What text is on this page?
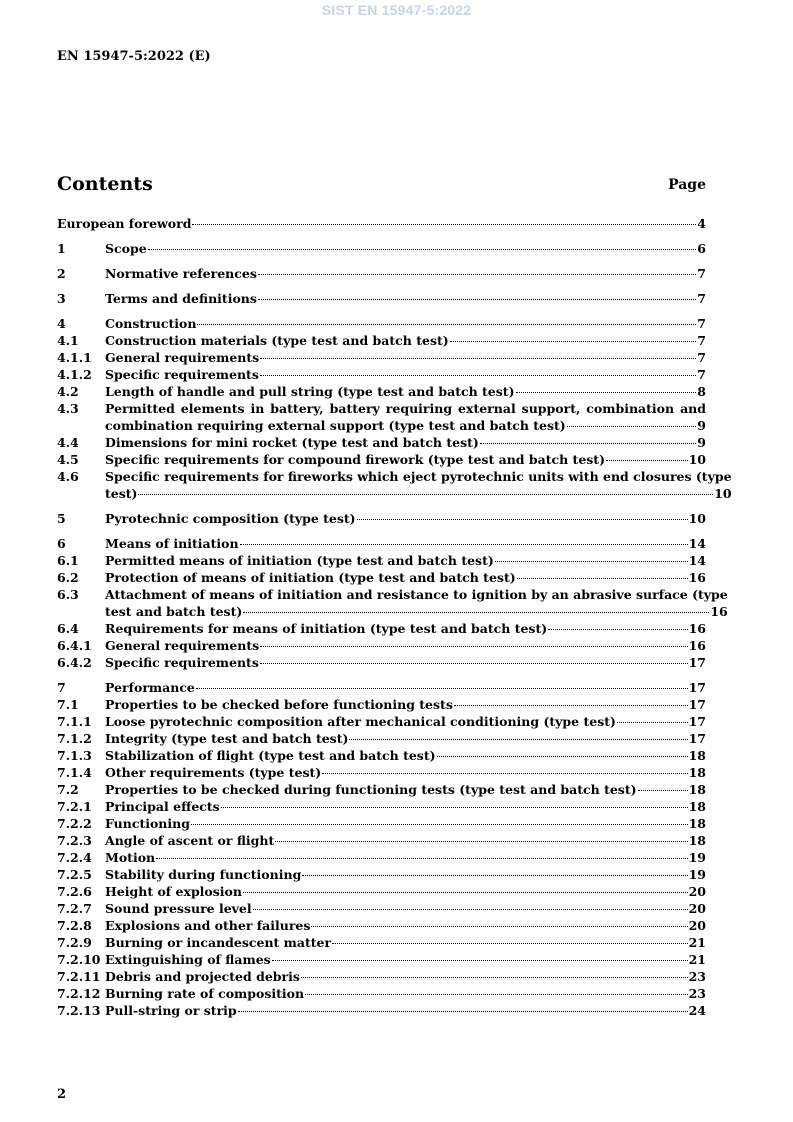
SIST EN 15947-5:2022
EN 15947-5:2022 (E)
Contents	Page
European foreword	4
1	Scope	6
2	Normative references	7
3	Terms and definitions	7
4	Construction	7
4.1	Construction materials (type test and batch test)	7
4.1.1	General requirements	7
4.1.2	Specific requirements	7
4.2	Length of handle and pull string (type test and batch test)	8
4.3	Permitted elements in battery, battery requiring external support, combination and
combination requiring external support (type test and batch test)	9
4.4	Dimensions for mini rocket (type test and batch test)	9
4.5	Specific requirements for compound firework (type test and batch test)	10
4.6	Specific requirements for fireworks which eject pyrotechnic units with end closures (type
test)	10
5	Pyrotechnic composition (type test)	10
6	Means of initiation	14
6.1	Permitted means of initiation (type test and batch test)	14
6.2	Protection of means of initiation (type test and batch test)	16
6.3	Attachment of means of initiation and resistance to ignition by an abrasive surface (type
test and batch test)	16
6.4	Requirements for means of initiation (type test and batch test)	16
6.4.1	General requirements	16
6.4.2	Specific requirements	17
7	Performance	17
7.1	Properties to be checked before functioning tests	17
7.1.1	Loose pyrotechnic composition after mechanical conditioning (type test)	17
7.1.2	Integrity (type test and batch test)	17
7.1.3	Stabilization of flight (type test and batch test)	18
7.1.4	Other requirements (type test)	18
7.2	Properties to be checked during functioning tests (type test and batch test)	18
7.2.1	Principal effects	18
7.2.2	Functioning	18
7.2.3	Angle of ascent or flight	18
7.2.4	Motion	19
7.2.5	Stability during functioning	19
7.2.6	Height of explosion	20
7.2.7	Sound pressure level	20
7.2.8	Explosions and other failures	20
7.2.9	Burning or incandescent matter	21
7.2.10 Extinguishing of flames	21
7.2.11 Debris and projected debris	23
7.2.12 Burning rate of composition	23
7.2.13 Pull-string or strip	24
2
